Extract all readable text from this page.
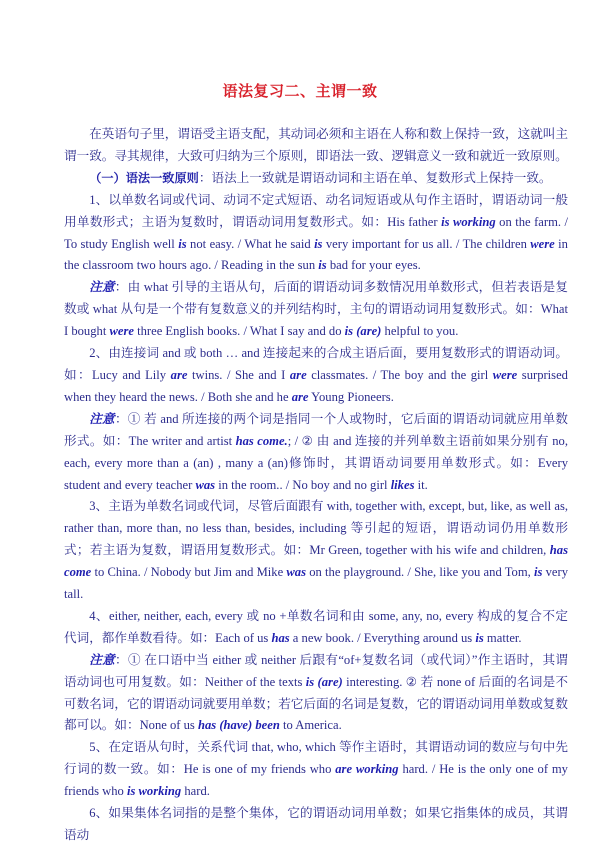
语法复习二、主谓一致

在英语句子里，谓语受主语支配，其动词必须和主语在人称和数上保持一致，这就叫主谓一致。寻其规律，大致可归纳为三个原则，即语法一致、逻辑意义一致和就近一致原则。

（一）语法一致原则：语法上一致就是谓语动词和主语在单、复数形式上保持一致。

1、以单数名词或代词、动词不定式短语、动名词短语或从句作主语时，谓语动词一般用单数形式；主语为复数时，谓语动词用复数形式。如：His father is working on the farm. / To study English well is not easy. / What he said is very important for us all. / The children were in the classroom two hours ago. / Reading in the sun is bad for your eyes.

注意：由 what 引导的主语从句，后面的谓语动词多数情况用单数形式，但若表语是复数或 what 从句是一个带有复数意义的并列结构时，主句的谓语动词用复数形式。如：What I bought were three English books. / What I say and do is (are) helpful to you.

2、由连接词 and 或 both … and 连接起来的合成主语后面，要用复数形式的谓语动词。如：Lucy and Lily are twins. / She and I are classmates. / The boy and the girl were surprised when they heard the news. / Both she and he are Young Pioneers.

注意：① 若 and 所连接的两个词是指同一个人或物时，它后面的谓语动词就应用单数形式。如：The writer and artist has come.; / ② 由 and 连接的并列单数主语前如果分别有 no, each, every more than a (an) , many a (an)修饰时，其谓语动词要用单数形式。如：Every student and every teacher was in the room.. / No boy and no girl likes it.

3、主语为单数名词或代词，尽管后面跟有 with, together with, except, but, like, as well as, rather than, more than, no less than, besides, including 等引起的短语，谓语动词仍用单数形式；若主语为复数，谓语用复数形式。如：Mr Green, together with his wife and children, has come to China. / Nobody but Jim and Mike was on the playground. / She, like you and Tom, is very tall.

4、either, neither, each, every 或 no +单数名词和由 some, any, no, every 构成的复合不定代词，都作单数看待。如：Each of us has a new book. / Everything around us is matter.

注意：① 在口语中当 either 或 neither 后跟有“of+复数名词（或代词）”作主语时，其谓语动词也可用复数。如：Neither of the texts is (are) interesting. ② 若 none of 后面的名词是不可数名词，它的谓语动词就要用单数；若它后面的名词是复数，它的谓语动词用单数或复数都可以。如：None of us has (have) been to America.

5、在定语从句时，关系代词 that, who, which 等作主语时，其谓语动词的数应与句中先行词的数一致。如：He is one of my friends who are working hard. / He is the only one of my friends who is working hard.

6、如果集体名词指的是整个集体，它的谓语动词用单数；如果它指集体的成员，其谓语动
